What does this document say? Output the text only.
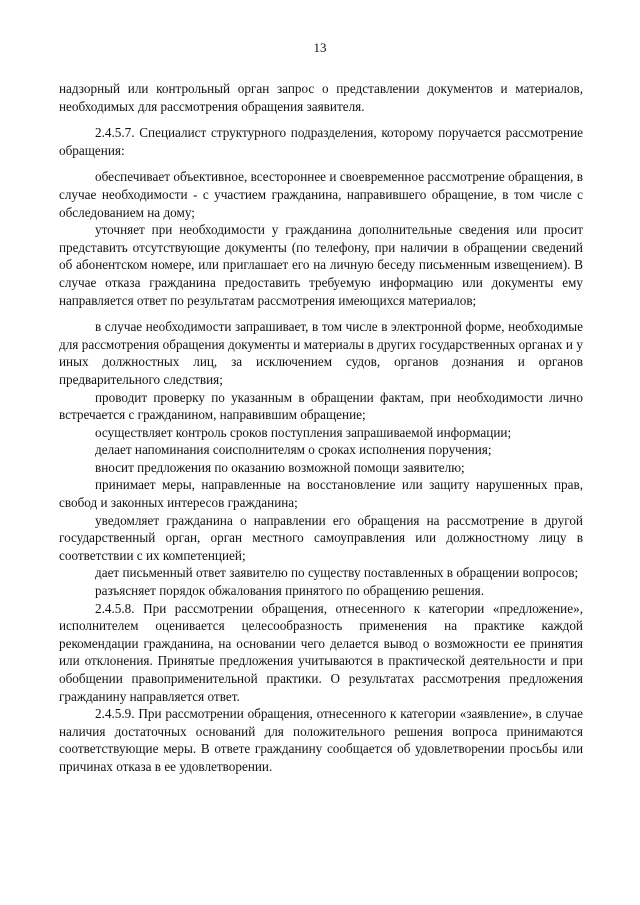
13

надзорный или контрольный орган запрос о представлении документов и материалов, необходимых для рассмотрения обращения заявителя.

2.4.5.7. Специалист структурного подразделения, которому поручается рассмотрение обращения:

обеспечивает объективное, всестороннее и своевременное рассмотрение обращения, в случае необходимости - с участием гражданина, направившего обращение, в том числе с обследованием на дому;

уточняет при необходимости у гражданина дополнительные сведения или просит представить отсутствующие документы (по телефону, при наличии в обращении сведений об абонентском номере, или приглашает его на личную беседу письменным извещением). В случае отказа гражданина предоставить требуемую информацию или документы ему направляется ответ по результатам рассмотрения имеющихся материалов;

в случае необходимости запрашивает, в том числе в электронной форме, необходимые для рассмотрения обращения документы и материалы в других государственных органах и у иных должностных лиц, за исключением судов, органов дознания и органов предварительного следствия;

проводит проверку по указанным в обращении фактам, при необходимости лично встречается с гражданином, направившим обращение;

осуществляет контроль сроков поступления запрашиваемой информации;

делает напоминания соисполнителям о сроках исполнения поручения;

вносит предложения по оказанию возможной помощи заявителю;

принимает меры, направленные на восстановление или защиту нарушенных прав, свобод и законных интересов гражданина;

уведомляет гражданина о направлении его обращения на рассмотрение в другой государственный орган, орган местного самоуправления или должностному лицу в соответствии с их компетенцией;

дает письменный ответ заявителю по существу поставленных в обращении вопросов;

разъясняет порядок обжалования принятого по обращению решения.

2.4.5.8. При рассмотрении обращения, отнесенного к категории «предложение», исполнителем оценивается целесообразность применения на практике каждой рекомендации гражданина, на основании чего делается вывод о возможности ее принятия или отклонения. Принятые предложения учитываются в практической деятельности и при обобщении правоприменительной практики. О результатах рассмотрения предложения гражданину направляется ответ.

2.4.5.9. При рассмотрении обращения, отнесенного к категории «заявление», в случае наличия достаточных оснований для положительного решения вопроса принимаются соответствующие меры. В ответе гражданину сообщается об удовлетворении просьбы или причинах отказа в ее удовлетворении.
